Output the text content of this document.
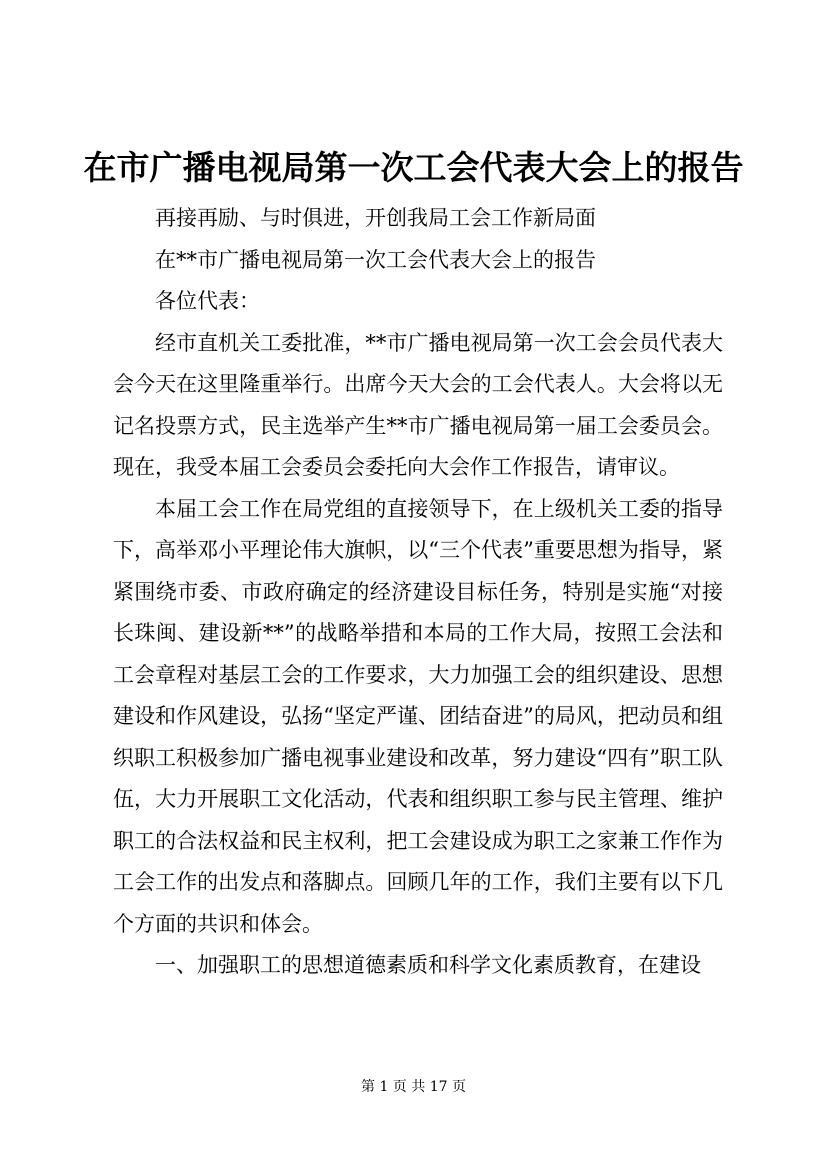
在市广播电视局第一次工会代表大会上的报告

再接再励、与时俱进，开创我局工会工作新局面

在**市广播电视局第一次工会代表大会上的报告

各位代表：

经市直机关工委批准，**市广播电视局第一次工会会员代表大会今天在这里隆重举行。出席今天大会的工会代表人。大会将以无记名投票方式，民主选举产生**市广播电视局第一届工会委员会。现在，我受本届工会委员会委托向大会作工作报告，请审议。

本届工会工作在局党组的直接领导下，在上级机关工委的指导下，高举邓小平理论伟大旗帜，以“三个代表”重要思想为指导，紧紧围绕市委、市政府确定的经济建设目标任务，特别是实施“对接长珠闽、建设新**”的战略举措和本局的工作大局，按照工会法和工会章程对基层工会的工作要求，大力加强工会的组织建设、思想建设和作风建设，弘扬“坚定严谨、团结奋进”的局风，把动员和组织职工积极参加广播电视事业建设和改革，努力建设“四有”职工队伍，大力开展职工文化活动，代表和组织职工参与民主管理、维护职工的合法权益和民主权利，把工会建设成为职工之家兼工作作为工会工作的出发点和落脚点。回顾几年的工作，我们主要有以下几个方面的共识和体会。

一、加强职工的思想道德素质和科学文化素质教育，在建设

第 1 页 共 17 页
